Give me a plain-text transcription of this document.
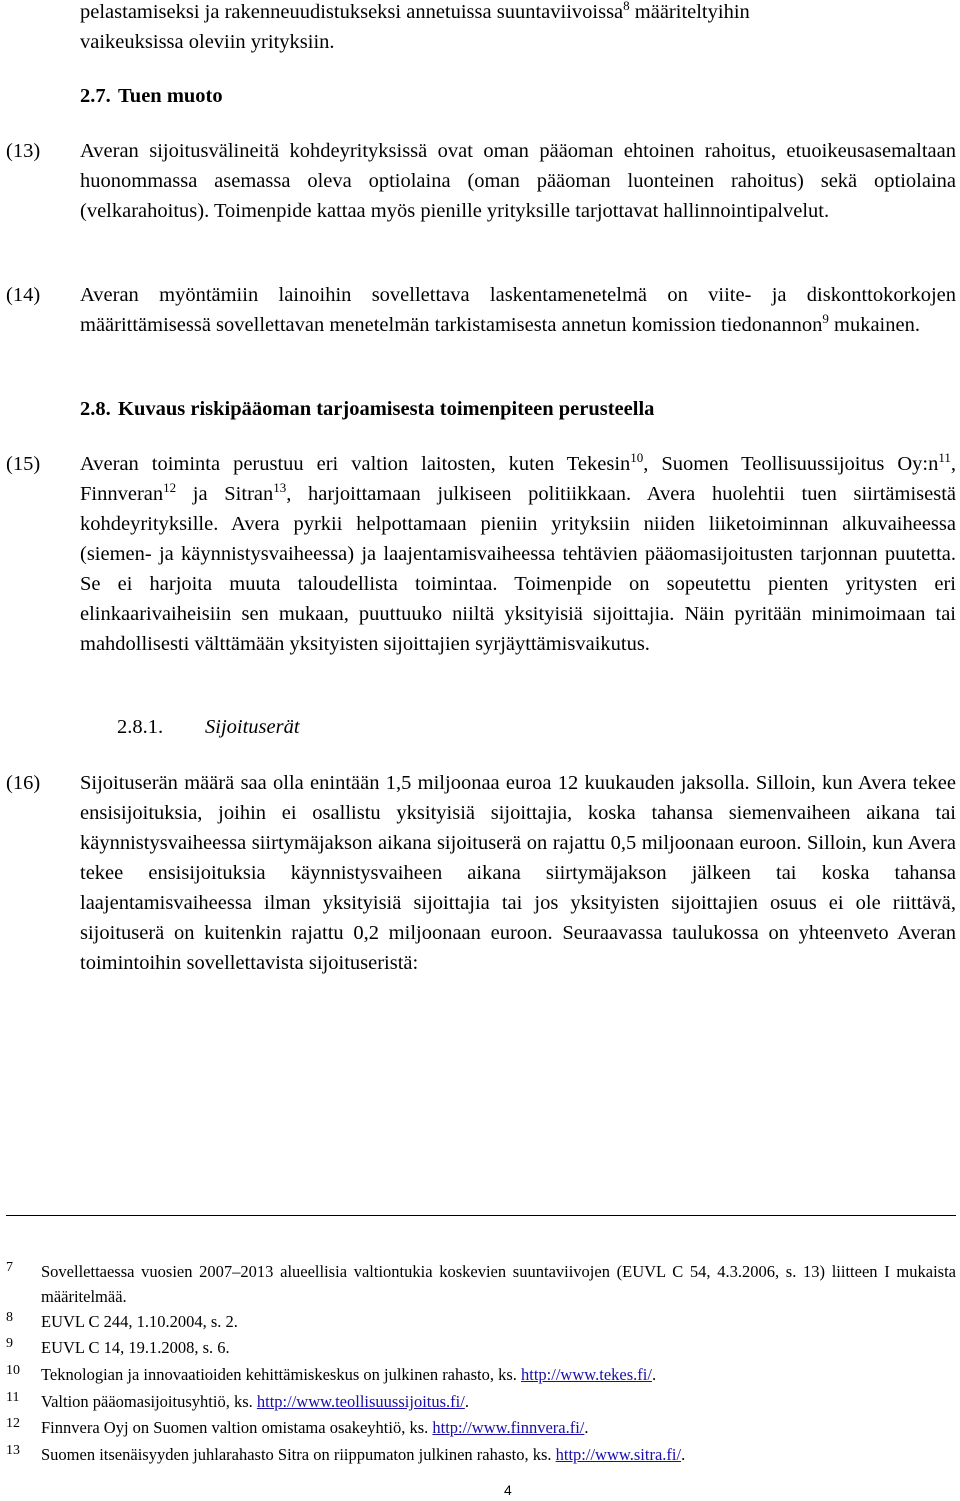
pelastamiseksi ja rakenneuudistukseksi annetuissa suuntaviivoissa$^8$ määriteltyihin
vaikeuksissa oleviin yrityksiin.
2.7. Tuen muoto
(13) Averan sijoitusvälineitä kohdeyrityksissä ovat oman pääoman ehtoinen rahoitus, etuoikeusasemaltaan huonommassa asemassa oleva optiolaina (oman pääoman luonteinen rahoitus) sekä optiolaina (velkarahoitus). Toimenpide kattaa myös pienille yrityksille tarjottavat hallinnointipalvelut.
(14) Averan myöntämiin lainoihin sovellettava laskentamenetelmä on viite- ja diskonttokorkojen määrittämisessä sovellettavan menetelmän tarkistamisesta annetun komission tiedonannon$^9$ mukainen.
2.8. Kuvaus riskipääoman tarjoamisesta toimenpiteen perusteella
(15) Averan toiminta perustuu eri valtion laitosten, kuten Tekesin$^{10}$, Suomen Teollisuussijoitus $Oy:n^{11}$, Finnveran$^{12}$ ja Sitran$^{13}$, harjoittamaan julkiseen politiikkaan. Avera huolehtii tuen siirtämisestä kohdeyrityksille. Avera pyrkii helpottamaan pieniin yrityksiin niiden liiketoiminnan alkuvaiheessa (siemen- ja käynnistysvaiheessa) ja laajentamisvaiheessa tehtävien pääomasijoitusten tarjonnan puutetta. Se ei harjoita muuta taloudellista toimintaa. Toimenpide on sopeutettu pienten yritysten eri elinkaarivaiheisiin sen mukaan, puuttuuko niiltä yksityisiä sijoittajia. Näin pyritään minimoimaan tai mahdollisesti välttämään yksityisten sijoittajien syrjäyttämisvaikutus.
2.8.1. Sijoituserät
(16) Sijoituserän määrä saa olla enintään 1,5 miljoonaa euroa 12 kuukauden jaksolla. Silloin, kun Avera tekee ensisijoituksia, joihin ei osallistu yksityisiä sijoittajia, koska tahansa siemenvaiheen aikana tai käynnistysvaiheessa siirtymäjakson aikana sijoituserä on rajattu 0,5 miljoonaan euroon. Silloin, kun Avera tekee ensisijoituksia käynnistysvaiheen aikana siirtymäjakson jälkeen tai koska tahansa laajentamisvaiheessa ilman yksityisiä sijoittajia tai jos yksityisten sijoittajien osuus ei ole riittävä, sijoituserä on kuitenkin rajattu 0,2 miljoonaan euroon. Seuraavassa taulukossa on yhteenveto Averan toimintoihin sovellettavista sijoituseristä:
7 Sovellettaessa vuosien 2007–2013 alueellisia valtiontukia koskevien suuntaviivojen (EUVL C 54, 4.3.2006, s. 13) liitteen I mukaista määritelmää.
8 EUVL C 244, 1.10.2004, s. 2.
9 EUVL C 14, 19.1.2008, s. 6.
10 Teknologian ja innovaatioiden kehittämiskeskus on julkinen rahasto, ks. http://www.tekes.fi/.
11 Valtion pääomasijoitusyhtiö, ks. http://www.teollisuussijoitus.fi/.
12 Finnvera Oyj on Suomen valtion omistama osakeyhtiö, ks. http://www.finnvera.fi/.
13 Suomen itsenäisyyden juhlarahasto Sitra on riippumaton julkinen rahasto, ks. http://www.sitra.fi/.
4
